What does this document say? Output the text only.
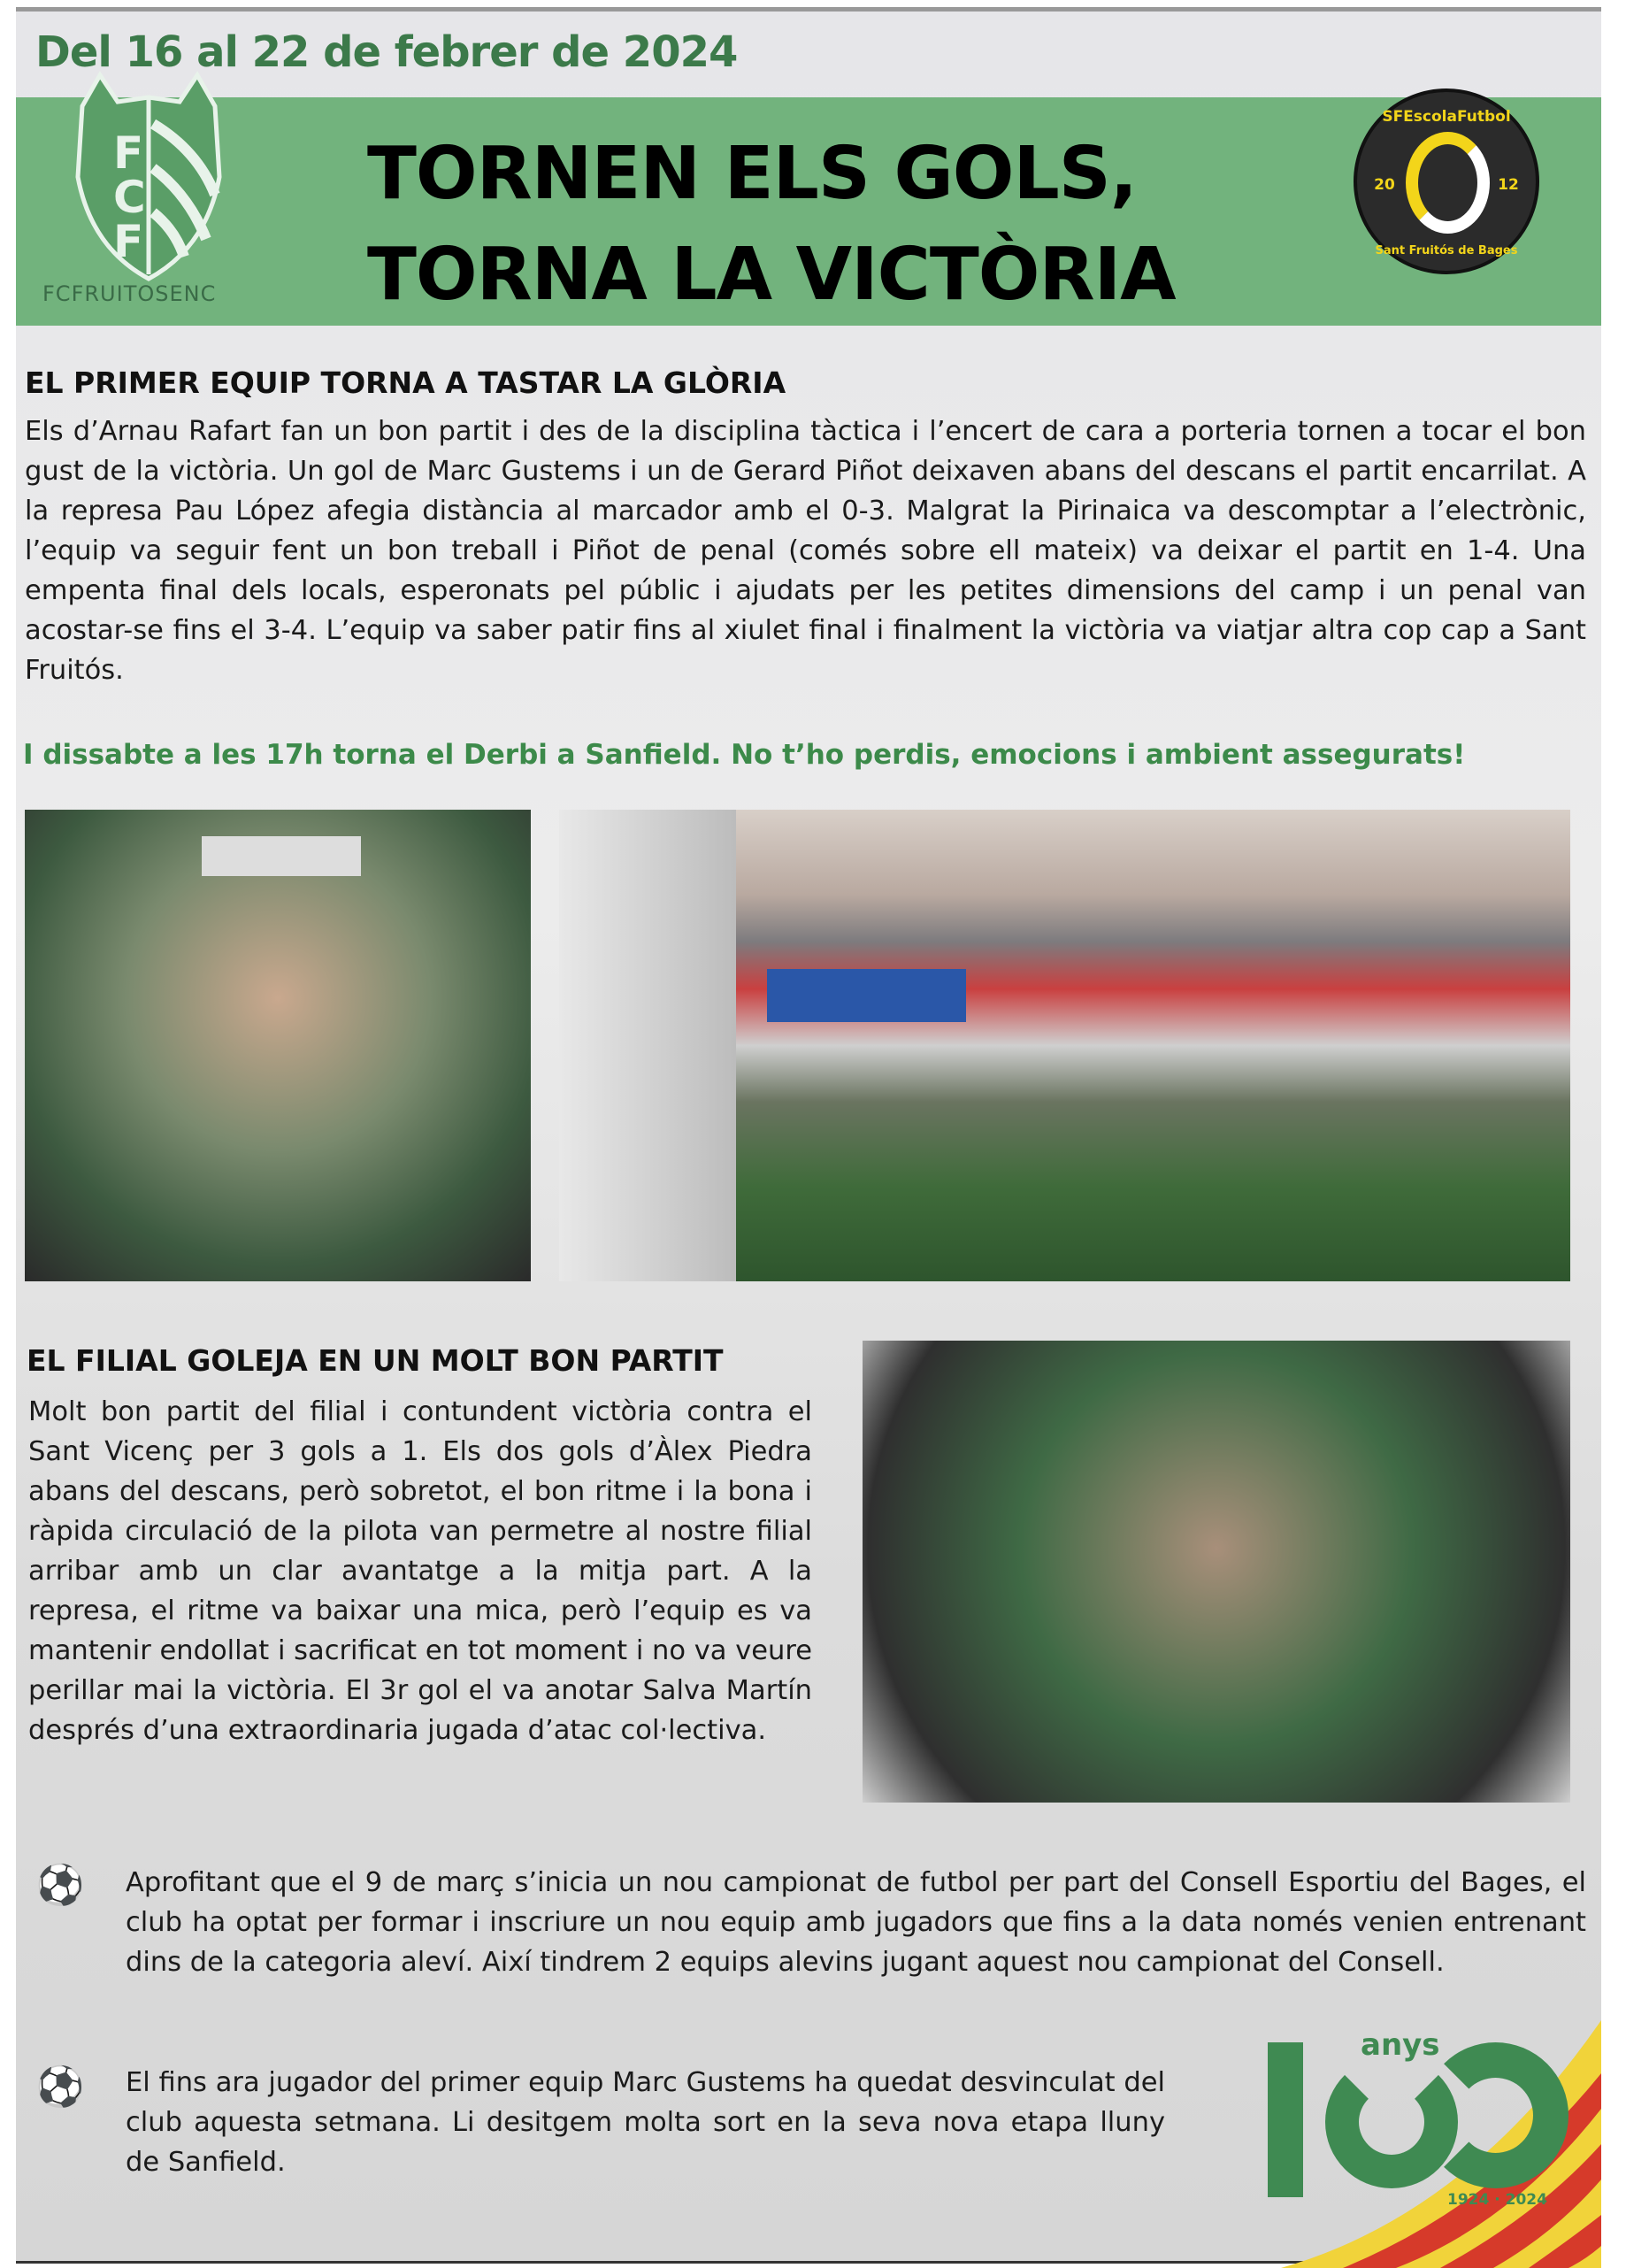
Del 16 al 22 de febrer de 2024
F
C
F
FCFRUITOSENC
TORNEN ELS GOLS,
TORNA LA VICTÒRIA
SFEscolaFutbol
20	12
Sant Fruitós de Bages
EL PRIMER EQUIP TORNA A TASTAR LA GLÒRIA
Els d’Arnau Rafart fan un bon partit i des de la disciplina tàctica i l’encert de cara a porteria tornen a tocar el bon gust de la victòria. Un gol de Marc Gustems i un de Gerard Piñot deixaven abans del descans el partit encarrilat. A la represa Pau López afegia distància al marcador amb el 0-3. Malgrat la Pirinaica va descomptar a l’electrònic, l’equip va seguir fent un bon treball i Piñot de penal (comés sobre ell mateix) va deixar el partit en 1-4. Una empenta final dels locals, esperonats pel públic i ajudats per les petites dimensions del camp i un penal van acostar-se fins el 3-4. L’equip va saber patir fins al xiulet final i finalment la victòria va viatjar altra cop cap a Sant Fruitós.
I dissabte a les 17h torna el Derbi a Sanfield. No t’ho perdis, emocions i ambient assegurats!
EL FILIAL GOLEJA EN UN MOLT BON PARTIT
Molt bon partit del filial i contundent victòria contra el Sant Vicenç per 3 gols a 1. Els dos gols d’Àlex Piedra abans del descans, però sobretot, el bon ritme i la bona i ràpida circulació de la pilota van permetre al nostre filial arribar amb un clar avantatge a la mitja part. A la represa, el ritme va baixar una mica, però l’equip es va mantenir endollat i sacrificat en tot moment i no va veure perillar mai la victòria. El 3r gol el va anotar Salva Martín després d’una extraordinaria jugada d’atac col·lectiva.
⚽ Aprofitant que el 9 de març s’inicia un nou campionat de futbol per part del Consell Esportiu del Bages, el club ha optat per formar i inscriure un nou equip amb jugadors que fins a la data només venien entrenant dins de la categoria aleví. Així tindrem 2 equips alevins jugant aquest nou campionat del Consell.
⚽ El fins ara jugador del primer equip Marc Gustems ha quedat desvinculat del club aquesta setmana. Li desitgem molta sort en la seva nova etapa lluny de Sanfield.
anys
1924 · 2024
